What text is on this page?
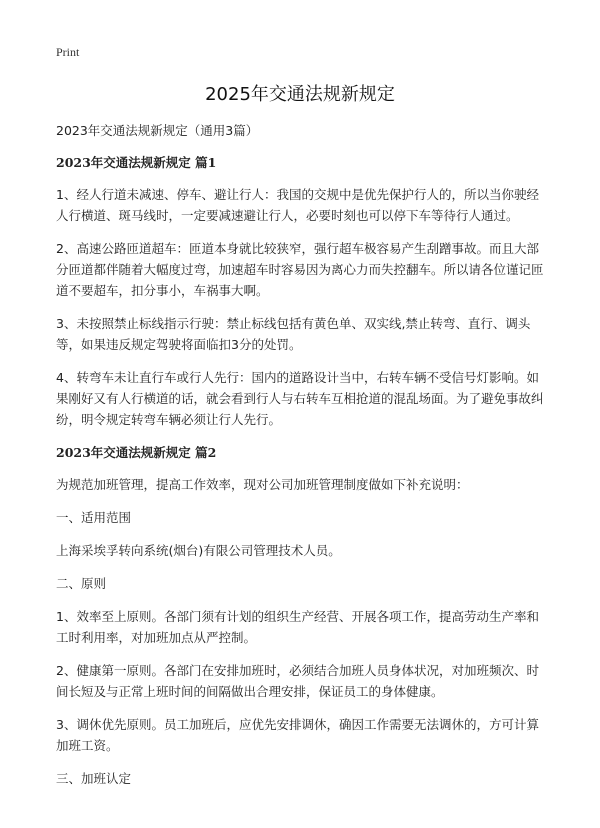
Print
2025年交通法规新规定

2023年交通法规新规定（通用3篇）

2023年交通法规新规定 篇1

1、经人行道未减速、停车、避让行人：我国的交规中是优先保护行人的，所以当你驶经人行横道、斑马线时，一定要减速避让行人，必要时刻也可以停下车等待行人通过。

2、高速公路匝道超车：匝道本身就比较狭窄，强行超车极容易产生刮蹭事故。而且大部分匝道都伴随着大幅度过弯，加速超车时容易因为离心力而失控翻车。所以请各位谨记匝道不要超车，扣分事小，车祸事大啊。

3、未按照禁止标线指示行驶：禁止标线包括有黄色单、双实线,禁止转弯、直行、调头等，如果违反规定驾驶将面临扣3分的处罚。

4、转弯车未让直行车或行人先行：国内的道路设计当中，右转车辆不受信号灯影响。如果刚好又有人行横道的话，就会看到行人与右转车互相抢道的混乱场面。为了避免事故纠纷，明令规定转弯车辆必须让行人先行。

2023年交通法规新规定 篇2

为规范加班管理，提高工作效率，现对公司加班管理制度做如下补充说明：

一、适用范围

上海采埃孚转向系统(烟台)有限公司管理技术人员。

二、原则

1、效率至上原则。各部门须有计划的组织生产经营、开展各项工作，提高劳动生产率和工时利用率，对加班加点从严控制。

2、健康第一原则。各部门在安排加班时，必须结合加班人员身体状况，对加班频次、时间长短及与正常上班时间的间隔做出合理安排，保证员工的身体健康。

3、调休优先原则。员工加班后，应优先安排调休，确因工作需要无法调休的，方可计算加班工资。

三、加班认定
